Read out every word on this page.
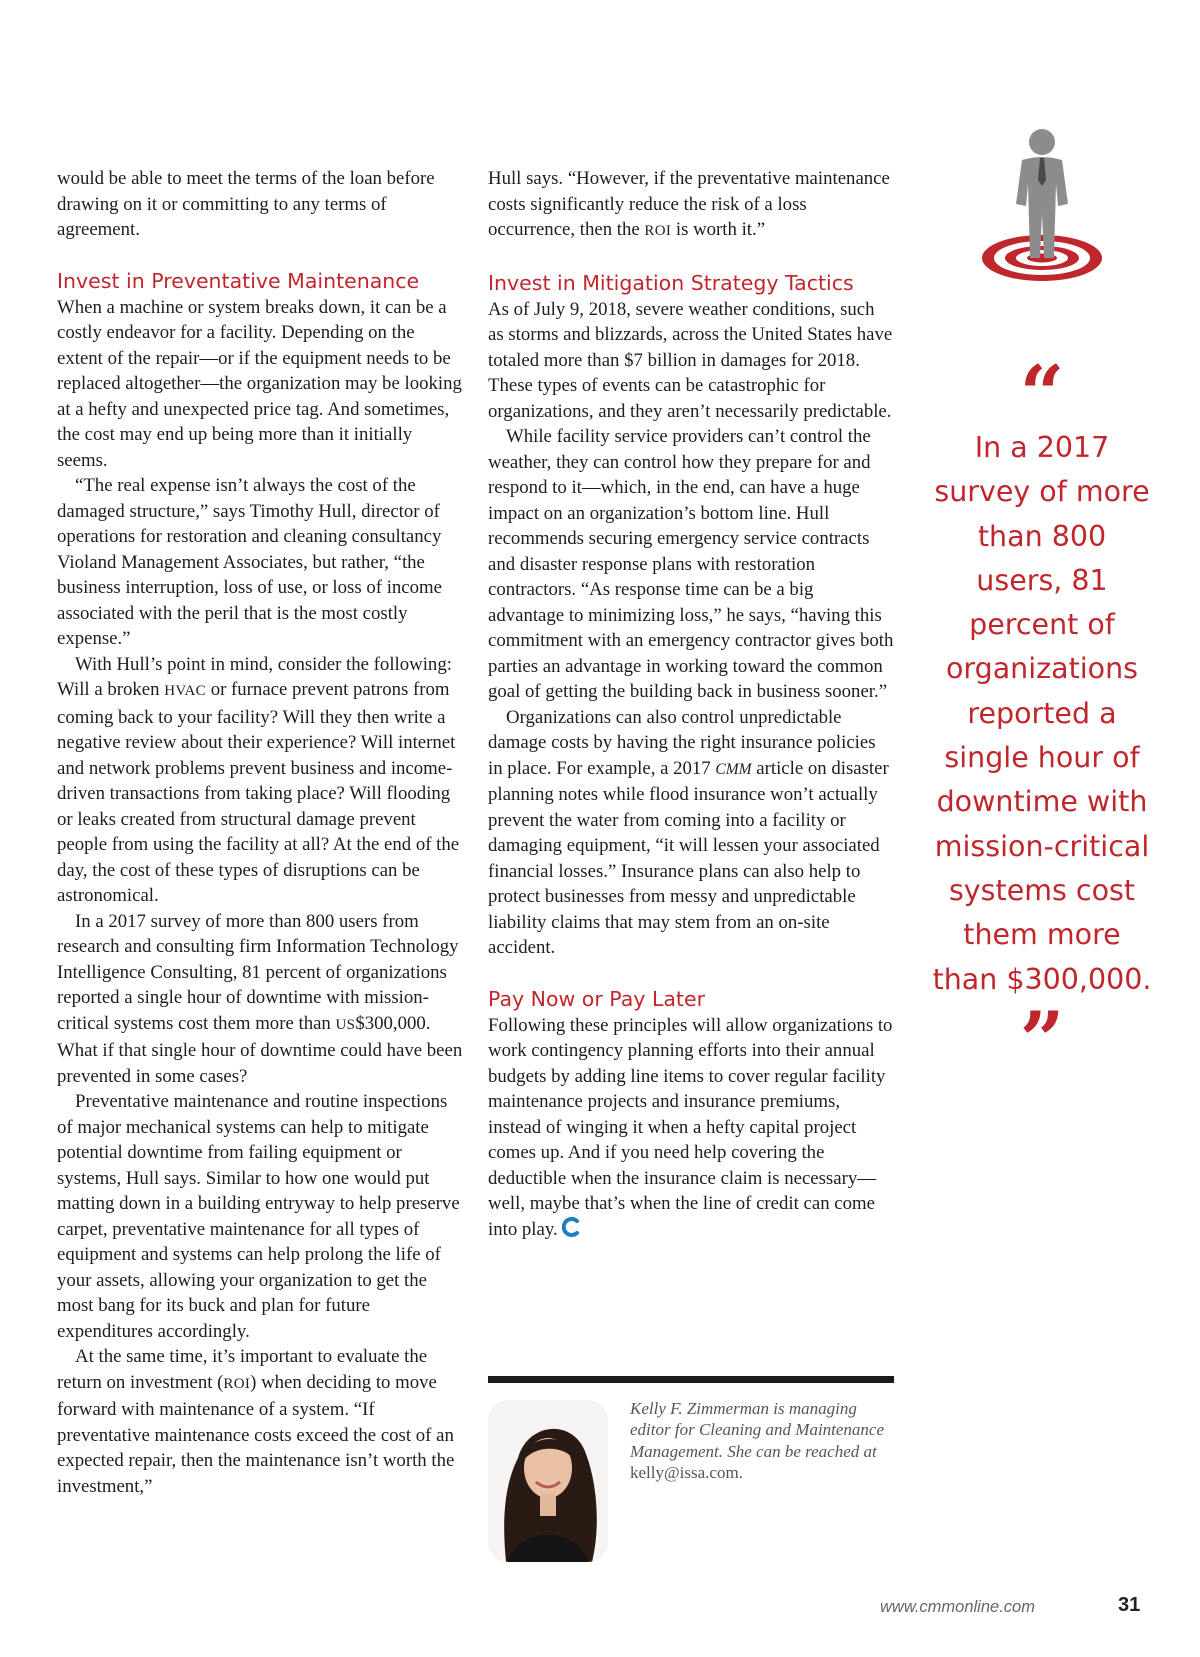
would be able to meet the terms of the loan before drawing on it or committing to any terms of agreement.

Invest in Preventative Maintenance

When a machine or system breaks down, it can be a costly endeavor for a facility. Depending on the extent of the repair—or if the equipment needs to be replaced altogether—the organization may be looking at a hefty and unexpected price tag. And sometimes, the cost may end up being more than it initially seems.

“The real expense isn’t always the cost of the damaged structure,” says Timothy Hull, director of operations for restoration and cleaning consultancy Violand Management Associates, but rather, “the business interruption, loss of use, or loss of income associated with the peril that is the most costly expense.”

With Hull’s point in mind, consider the following: Will a broken HVAC or furnace prevent patrons from coming back to your facility? Will they then write a negative review about their experience? Will internet and network problems prevent business and income-driven transactions from taking place? Will flooding or leaks created from structural damage prevent people from using the facility at all? At the end of the day, the cost of these types of disruptions can be astronomical.

In a 2017 survey of more than 800 users from research and consulting firm Information Technology Intelligence Consulting, 81 percent of organizations reported a single hour of downtime with mission-critical systems cost them more than US$300,000. What if that single hour of downtime could have been prevented in some cases?

Preventative maintenance and routine inspections of major mechanical systems can help to mitigate potential downtime from failing equipment or systems, Hull says. Similar to how one would put matting down in a building entryway to help preserve carpet, preventative maintenance for all types of equipment and systems can help prolong the life of your assets, allowing your organization to get the most bang for its buck and plan for future expenditures accordingly.

At the same time, it’s important to evaluate the return on investment (ROI) when deciding to move forward with maintenance of a system. “If preventative maintenance costs exceed the cost of an expected repair, then the maintenance isn’t worth the investment,”

Hull says. “However, if the preventative maintenance costs significantly reduce the risk of a loss occurrence, then the ROI is worth it.”

Invest in Mitigation Strategy Tactics

As of July 9, 2018, severe weather conditions, such as storms and blizzards, across the United States have totaled more than $7 billion in damages for 2018. These types of events can be catastrophic for organizations, and they aren’t necessarily predictable.

While facility service providers can’t control the weather, they can control how they prepare for and respond to it—which, in the end, can have a huge impact on an organization’s bottom line. Hull recommends securing emergency service contracts and disaster response plans with restoration contractors. “As response time can be a big advantage to minimizing loss,” he says, “having this commitment with an emergency contractor gives both parties an advantage in working toward the common goal of getting the building back in business sooner.”

Organizations can also control unpredictable damage costs by having the right insurance policies in place. For example, a 2017 CMM article on disaster planning notes while flood insurance won’t actually prevent the water from coming into a facility or damaging equipment, “it will lessen your associated financial losses.” Insurance plans can also help to protect businesses from messy and unpredictable liability claims that may stem from an on-site accident.

Pay Now or Pay Later

Following these principles will allow organizations to work contingency planning efforts into their annual budgets by adding line items to cover regular facility maintenance projects and insurance premiums, instead of winging it when a hefty capital project comes up. And if you need help covering the deductible when the insurance claim is necessary—well, maybe that’s when the line of credit can come into play.

Kelly F. Zimmerman is managing editor for Cleaning and Maintenance Management. She can be reached at kelly@issa.com.
“
In a 2017 survey of more than 800 users, 81 percent of organizations reported a single hour of downtime with mission-critical systems cost them more than $300,000.
”
www.cmmonline.com	31
